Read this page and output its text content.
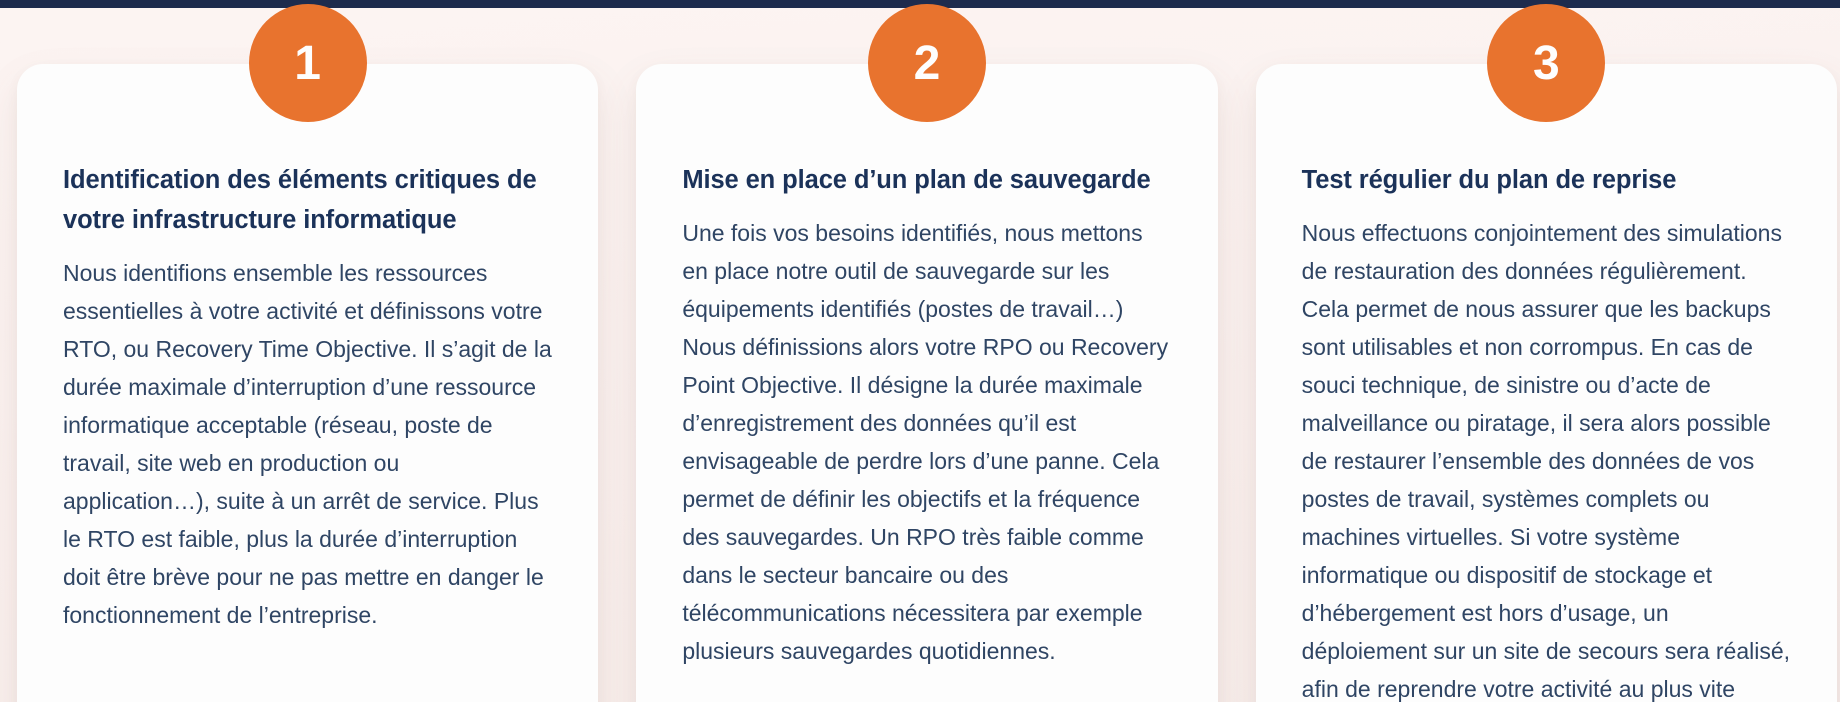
1
Identification des éléments critiques de votre infrastructure informatique

Nous identifions ensemble les ressources essentielles à votre activité et définissons votre RTO, ou Recovery Time Objective. Il s’agit de la durée maximale d’interruption d’une ressource informatique acceptable (réseau, poste de travail, site web en production ou application…), suite à un arrêt de service. Plus le RTO est faible, plus la durée d’interruption doit être brève pour ne pas mettre en danger le fonctionnement de l’entreprise.

2
Mise en place d’un plan de sauvegarde

Une fois vos besoins identifiés, nous mettons en place notre outil de sauvegarde sur les équipements identifiés (postes de travail…) Nous définissions alors votre RPO ou Recovery Point Objective. Il désigne la durée maximale d’enregistrement des données qu’il est envisageable de perdre lors d’une panne. Cela permet de définir les objectifs et la fréquence des sauvegardes. Un RPO très faible comme dans le secteur bancaire ou des télécommunications nécessitera par exemple plusieurs sauvegardes quotidiennes.

3
Test régulier du plan de reprise

Nous effectuons conjointement des simulations de restauration des données régulièrement. Cela permet de nous assurer que les backups sont utilisables et non corrompus. En cas de souci technique, de sinistre ou d’acte de malveillance ou piratage, il sera alors possible de restaurer l’ensemble des données de vos postes de travail, systèmes complets ou machines virtuelles. Si votre système informatique ou dispositif de stockage et d’hébergement est hors d’usage, un déploiement sur un site de secours sera réalisé, afin de reprendre votre activité au plus vite
